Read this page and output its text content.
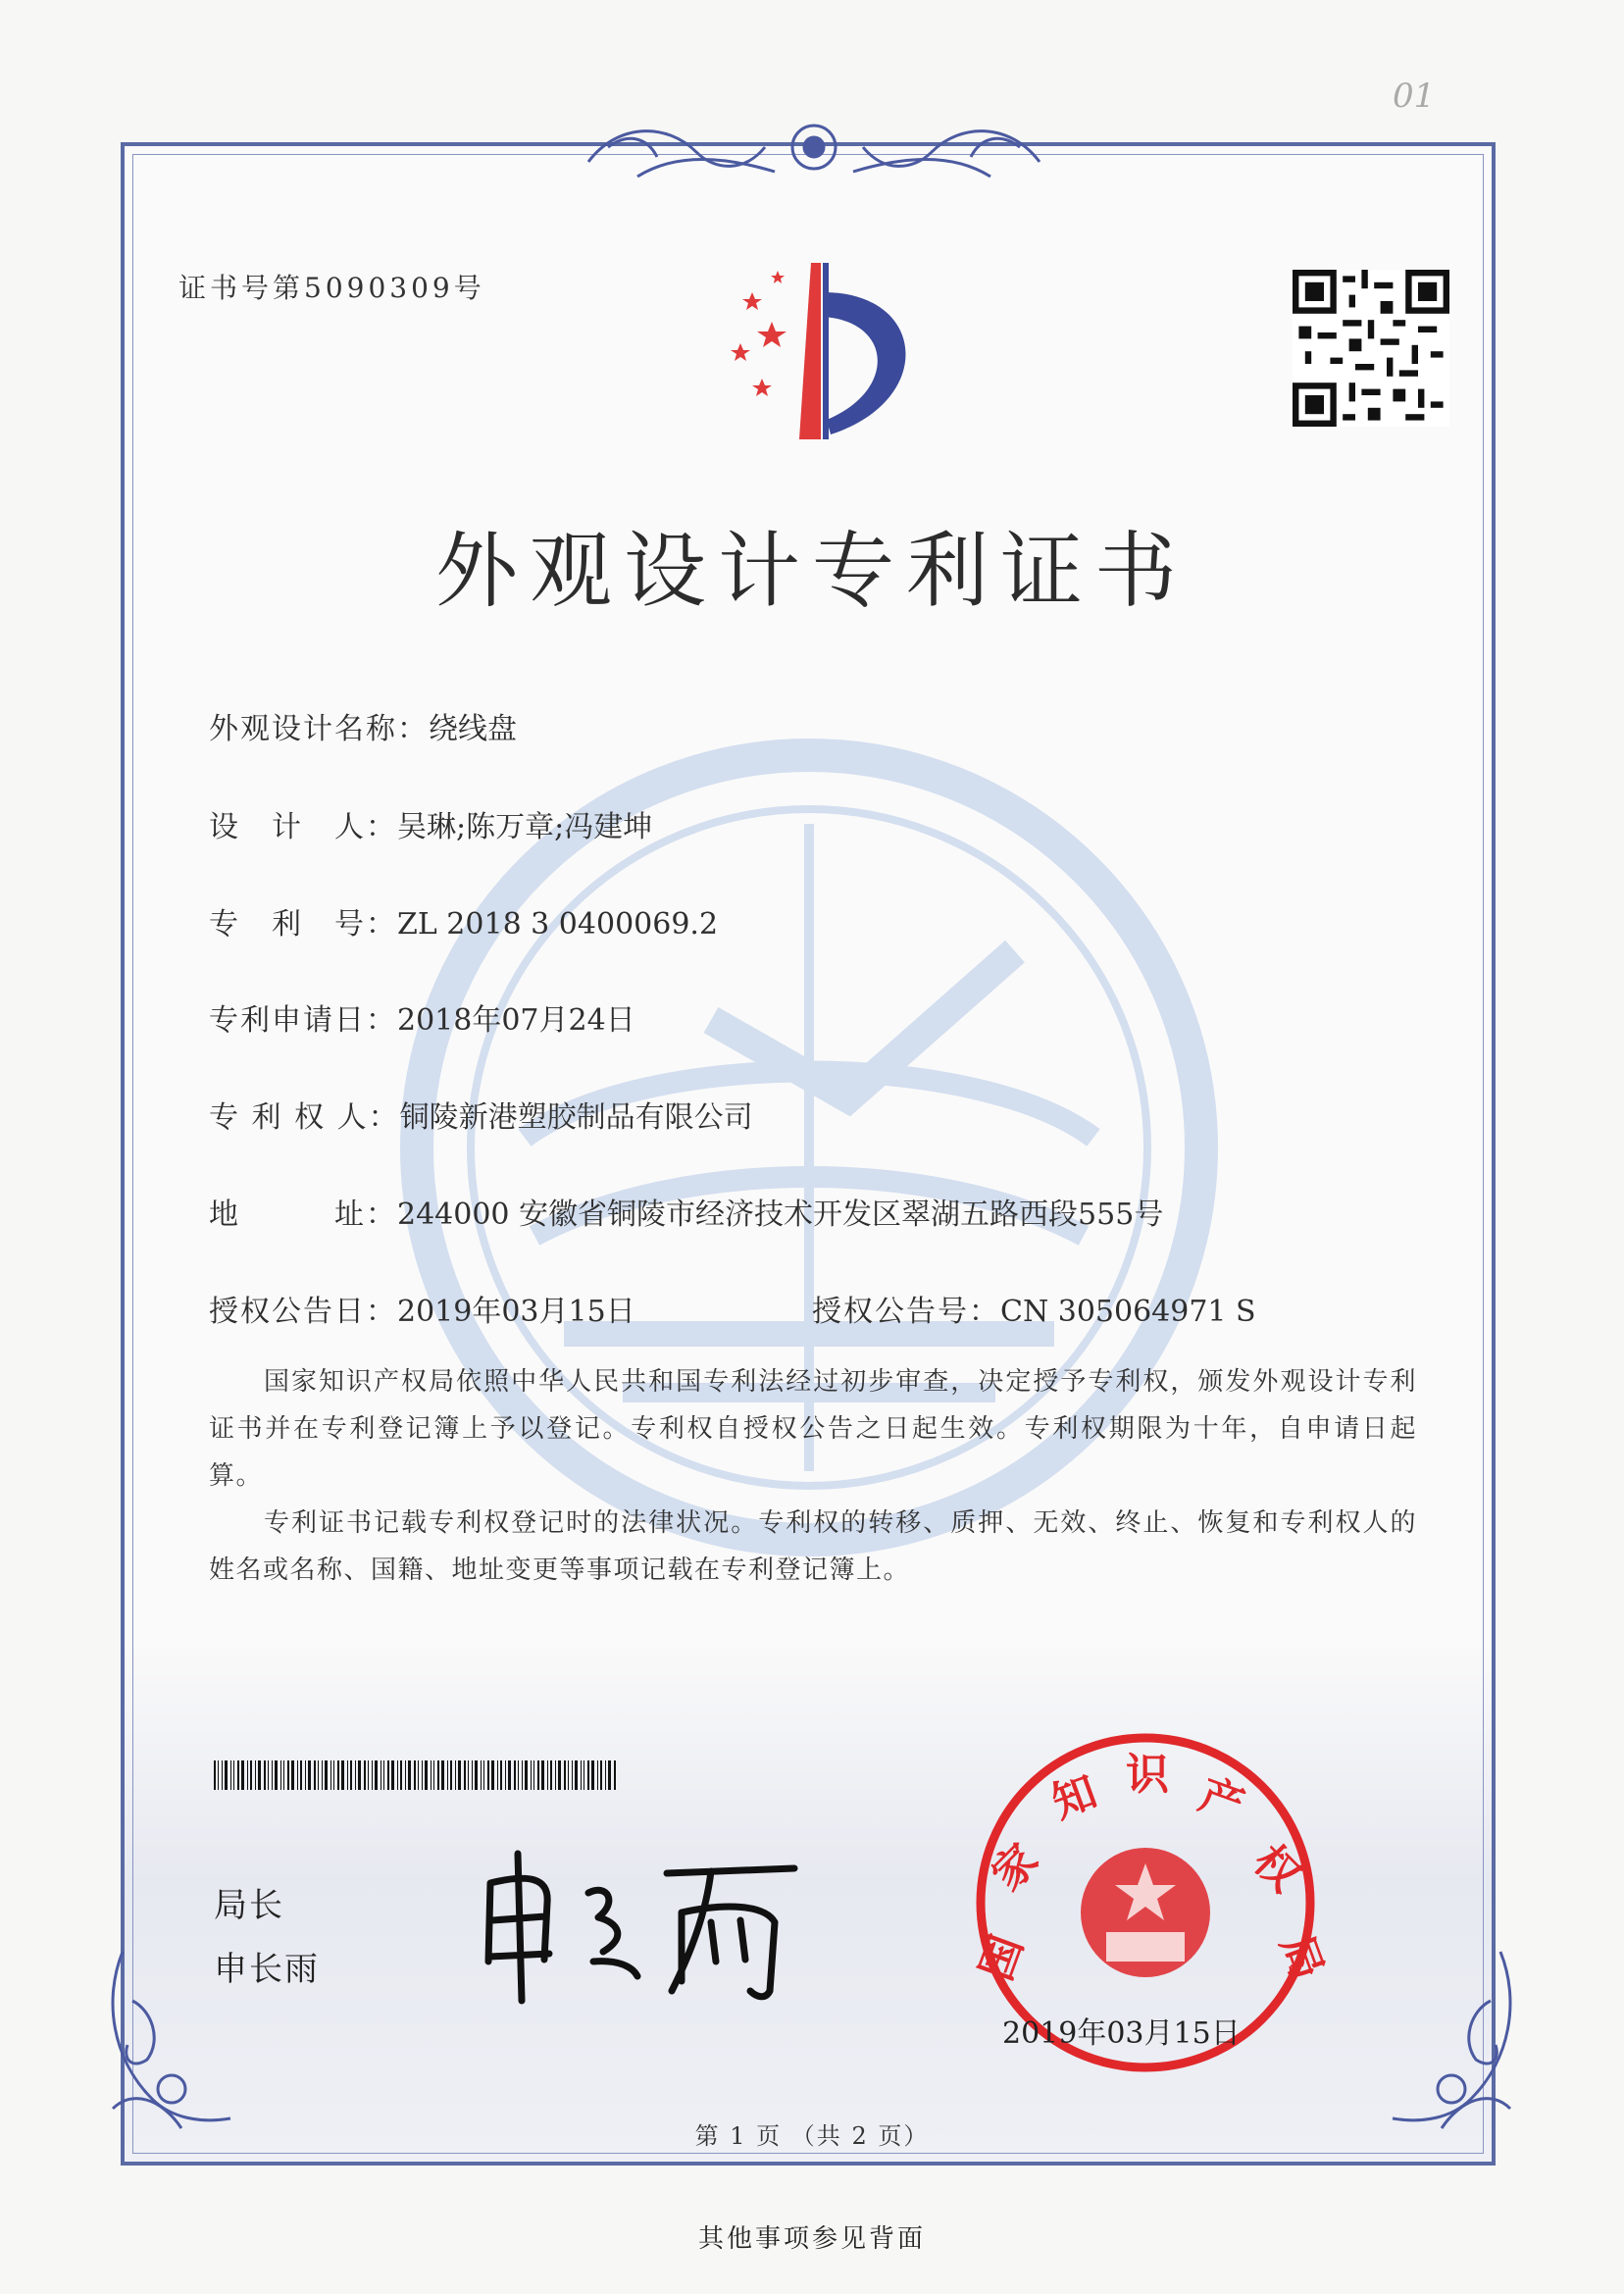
01
证书号第5090309号
外观设计专利证书
外观设计名称：绕线盘
设　计　人：吴琳;陈万章;冯建坤
专　利　号：ZL 2018 3 0400069.2
专利申请日：2018年07月24日
专 利 权 人：铜陵新港塑胶制品有限公司
地　　　址：244000 安徽省铜陵市经济技术开发区翠湖五路西段555号
授权公告日：2019年03月15日	授权公告号：CN 305064971 S

国家知识产权局依照中华人民共和国专利法经过初步审查，决定授予专利权，颁发外观设计专利证书并在专利登记簿上予以登记。专利权自授权公告之日起生效。专利权期限为十年，自申请日起算。

专利证书记载专利权登记时的法律状况。专利权的转移、质押、无效、终止、恢复和专利权人的姓名或名称、国籍、地址变更等事项记载在专利登记簿上。

局长
申长雨	国
家
知 识 产
权
局
2019年03月15日
第 1 页 （共 2 页）
其他事项参见背面
